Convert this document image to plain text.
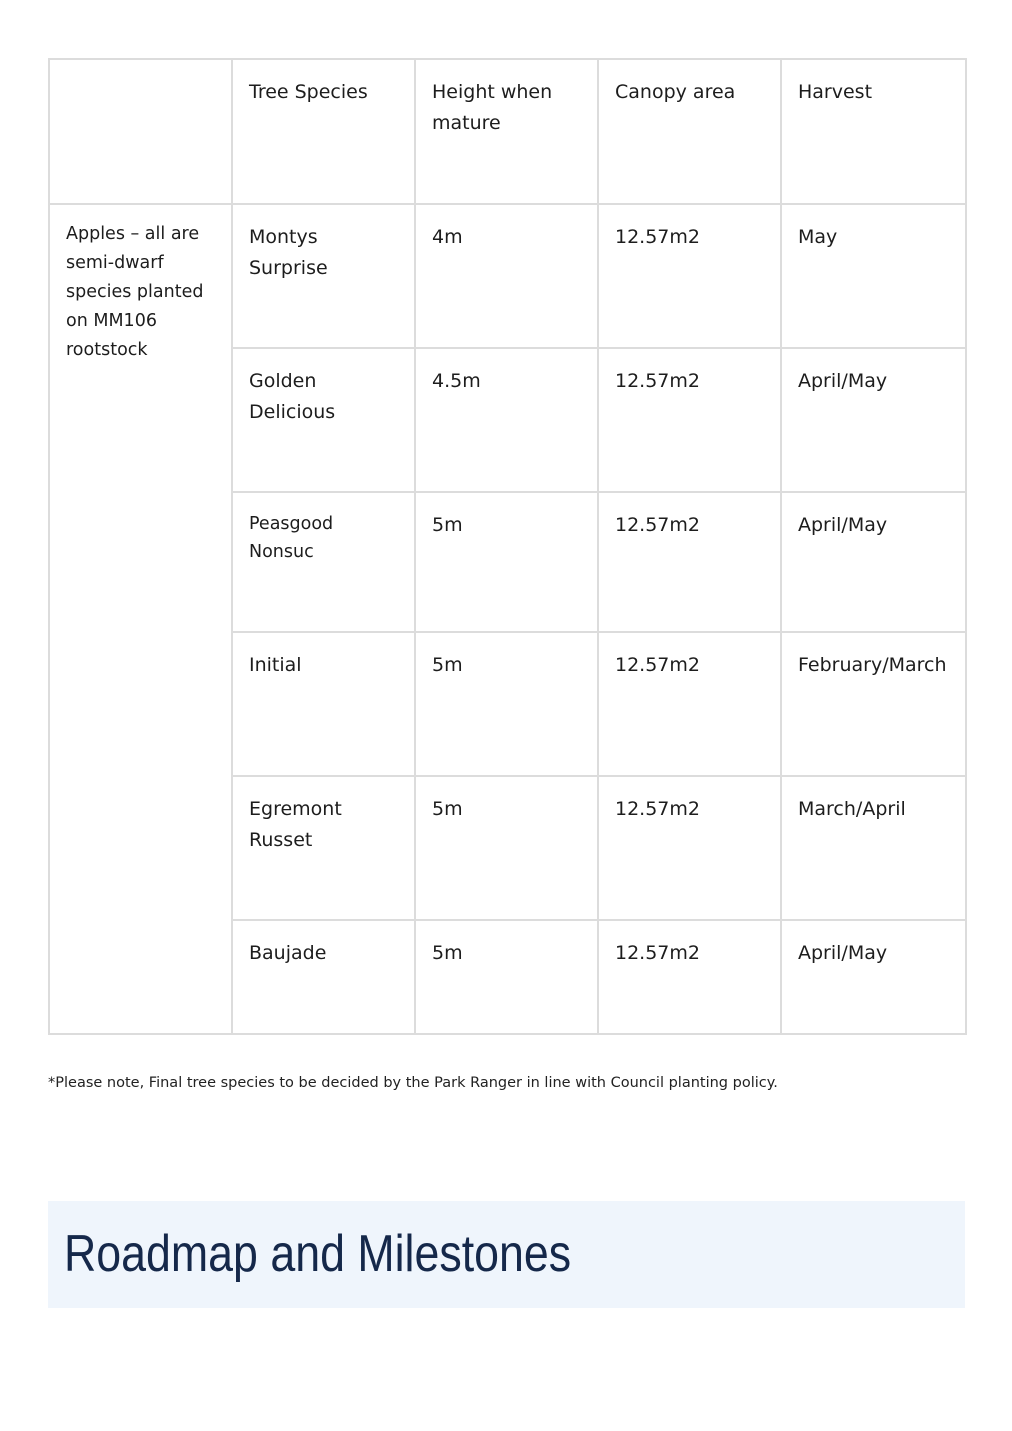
	Tree Species	Height when mature	Canopy area	Harvest
Apples – all are semi-dwarf species planted on MM106 rootstock	Montys Surprise	4m	12.57m2	May
	Golden Delicious	4.5m	12.57m2	April/May
	Peasgood Nonsuc	5m	12.57m2	April/May
	Initial	5m	12.57m2	February/March
	Egremont Russet	5m	12.57m2	March/April
	Baujade	5m	12.57m2	April/May

*Please note, Final tree species to be decided by the Park Ranger in line with Council planting policy.

Roadmap and Milestones
